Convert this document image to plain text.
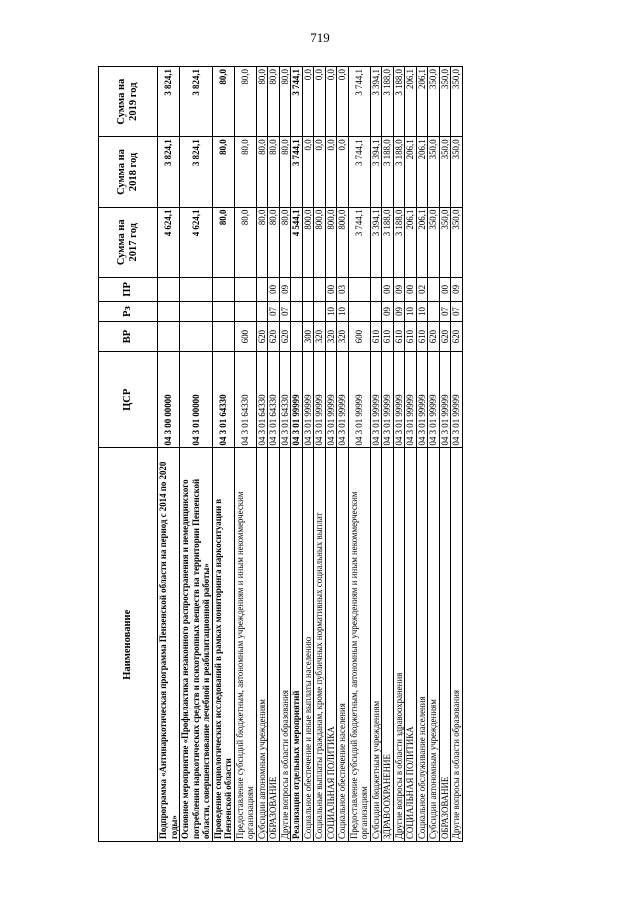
719
Наименование	ЦСР	ВР	Рз	ПР	Сумма на 2017 год	Сумма на 2018 год	Сумма на 2019 год
Подпрограмма «Антинаркотическая программа Пензенской области на период с 2014 по 2020 годы»	04 3 00 00000				4 624,1	3 824,1	3 824,1
Основное мероприятие «Профилактика незаконного распространения и немедицинского потребления наркотических средств и психотропных веществ на территории Пензенской области, совершенствование лечебной и реабилитационной работы»	04 3 01 00000				4 624,1	3 824,1	3 824,1
Проведение социологических исследований в рамках мониторинга наркоситуации в Пензенской области	04 3 01 64330				80,0	80,0	80,0
Предоставление субсидий бюджетным, автономным учреждениям и иным некоммерческим организациям	04 3 01 64330	600			80,0	80,0	80,0
Субсидии автономным учреждениям	04 3 01 64330	620			80,0	80,0	80,0
ОБРАЗОВАНИЕ	04 3 01 64330	620	07	00	80,0	80,0	80,0
Другие вопросы в области образования	04 3 01 64330	620	07	09	80,0	80,0	80,0
Реализация отдельных мероприятий	04 3 01 99999				4 544,1	3 744,1	3 744,1
Социальное обеспечение и иные выплаты населению	04 3 01 99999	300			800,0	0,0	0,0
Социальные выплаты гражданам, кроме публичных нормативных социальных выплат	04 3 01 99999	320			800,0	0,0	0,0
СОЦИАЛЬНАЯ ПОЛИТИКА	04 3 01 99999	320	10	00	800,0	0,0	0,0
Социальное обеспечение населения	04 3 01 99999	320	10	03	800,0	0,0	0,0
Предоставление субсидий бюджетным, автономным учреждениям и иным некоммерческим организациям	04 3 01 99999	600			3 744,1	3 744,1	3 744,1
Субсидии бюджетным учреждениям	04 3 01 99999	610			3 394,1	3 394,1	3 394,1
ЗДРАВООХРАНЕНИЕ	04 3 01 99999	610	09	00	3 188,0	3 188,0	3 188,0
Другие вопросы в области здравоохранения	04 3 01 99999	610	09	09	3 188,0	3 188,0	3 188,0
СОЦИАЛЬНАЯ ПОЛИТИКА	04 3 01 99999	610	10	00	206,1	206,1	206,1
Социальное обслуживание населения	04 3 01 99999	610	10	02	206,1	206,1	206,1
Субсидии автономным учреждениям	04 3 01 99999	620			350,0	350,0	350,0
ОБРАЗОВАНИЕ	04 3 01 99999	620	07	00	350,0	350,0	350,0
Другие вопросы в области образования	04 3 01 99999	620	07	09	350,0	350,0	350,0
